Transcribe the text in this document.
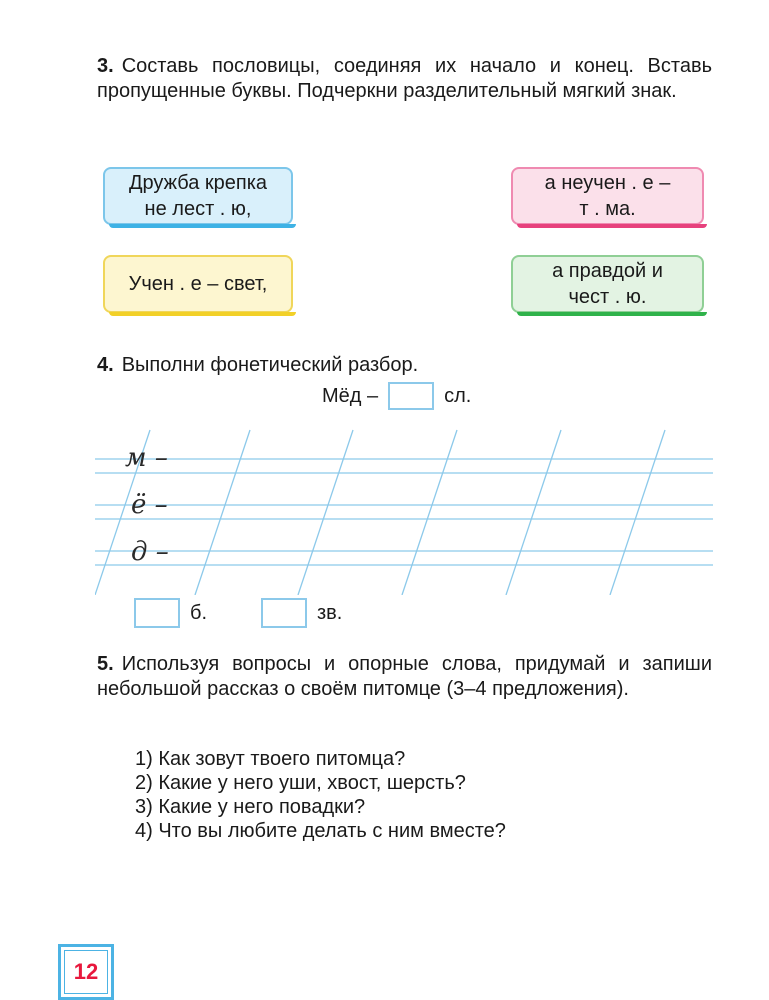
3. Составь пословицы, соединяя их начало и конец. Вставь пропущенные буквы. Подчеркни разделительный мягкий знак.

Дружба крепка
не лест . ю,
а неучен . е –
т . ма.
Учен . е – свет,
а правдой и
чест . ю.

4. Выполни фонетический разбор.

Мёд –	сл.
м –
ё –
д –
б.	зв.

5. Используя вопросы и опорные слова, придумай и запиши небольшой рассказ о своём питомце (3–4 предложения).

1) Как зовут твоего питомца?
2) Какие у него уши, хвост, шерсть?
3) Какие у него повадки?
4) Что вы любите делать с ним вместе?
12
